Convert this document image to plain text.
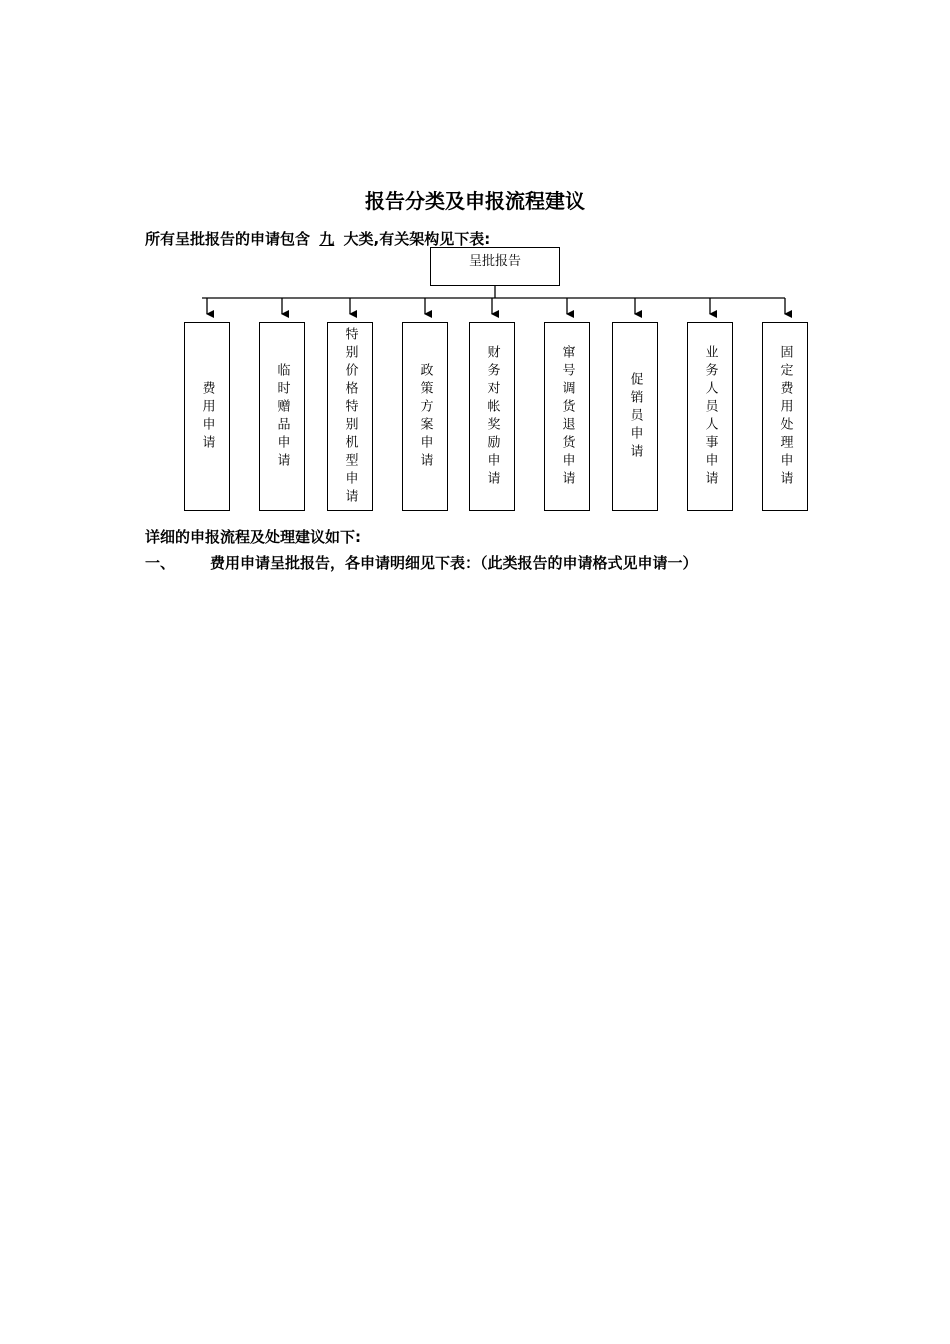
报告分类及申报流程建议
所有呈批报告的申请包含 九 大类,有关架构见下表:
呈批报告
费用申请	临时赠品申请	特别价格特别机型申请	政策方案申请	财务对帐奖励申请	窜号调货退货申请	促销员申请	业务人员人事申请	固定费用处理申请
详细的申报流程及处理建议如下:
一、 费用申请呈批报告，各申请明细见下表：（此类报告的申请格式见申请一）
